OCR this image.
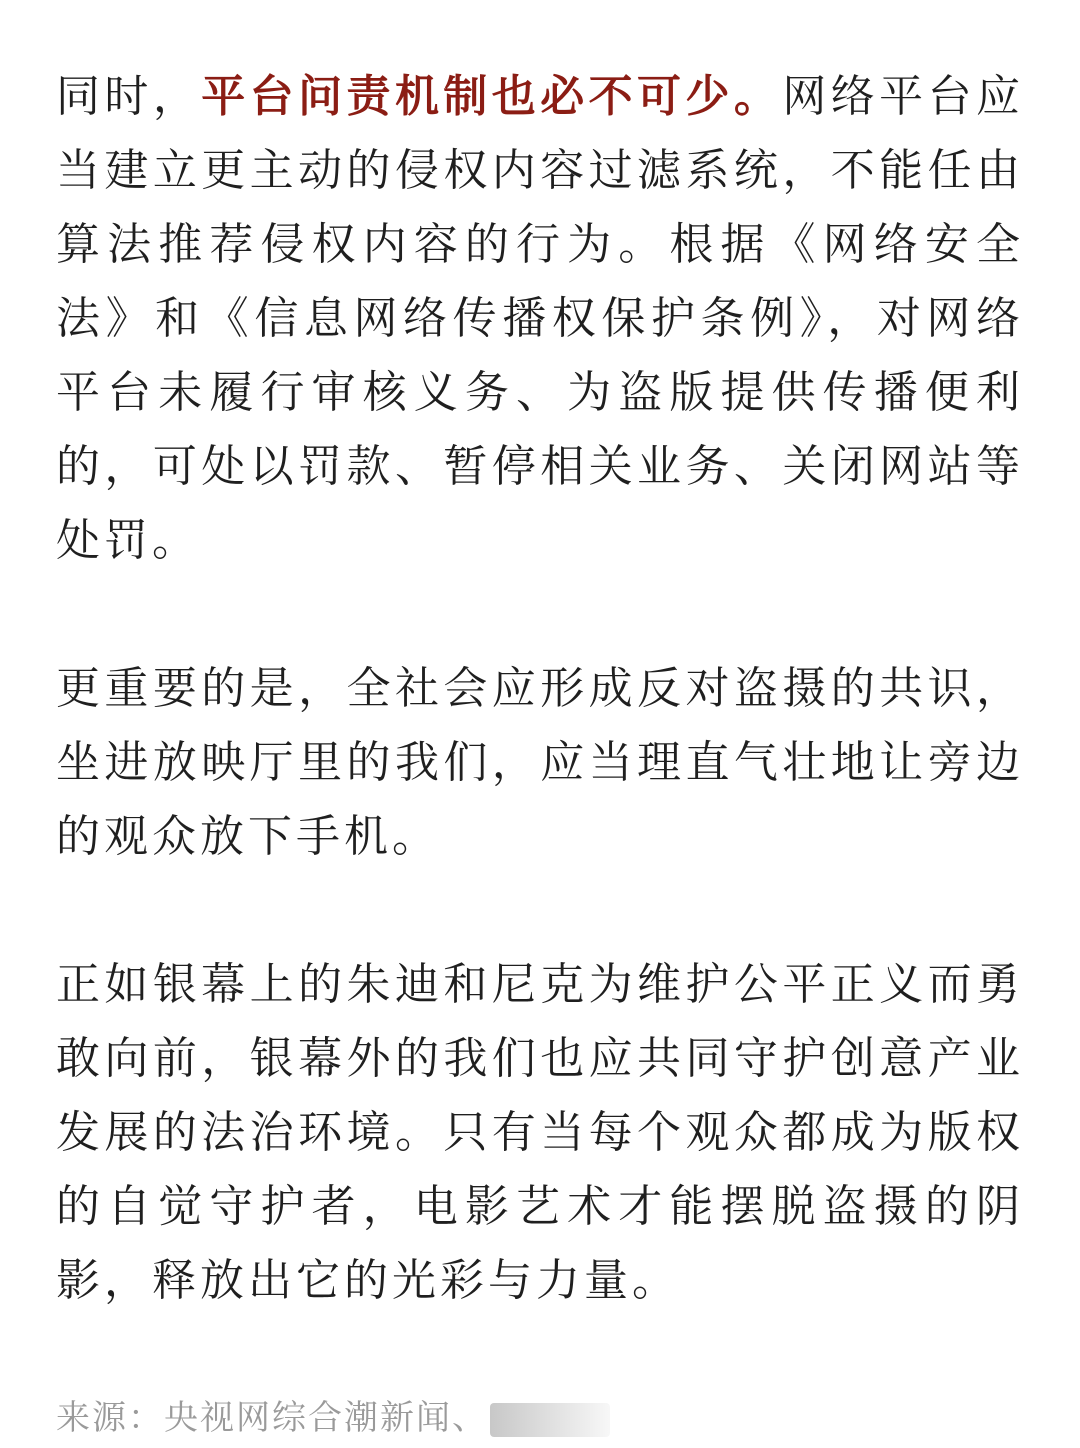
同时，平台问责机制也必不可少。网络平台应当建立更主动的侵权内容过滤系统，不能任由算法推荐侵权内容的行为。根据《网络安全法》和《信息网络传播权保护条例》，对网络平台未履行审核义务、为盗版提供传播便利的，可处以罚款、暂停相关业务、关闭网站等处罚。

更重要的是，全社会应形成反对盗摄的共识，坐进放映厅里的我们，应当理直气壮地让旁边的观众放下手机。

正如银幕上的朱迪和尼克为维护公平正义而勇敢向前，银幕外的我们也应共同守护创意产业发展的法治环境。只有当每个观众都成为版权的自觉守护者，电影艺术才能摆脱盗摄的阴影，释放出它的光彩与力量。

来源：央视网综合潮新闻、
